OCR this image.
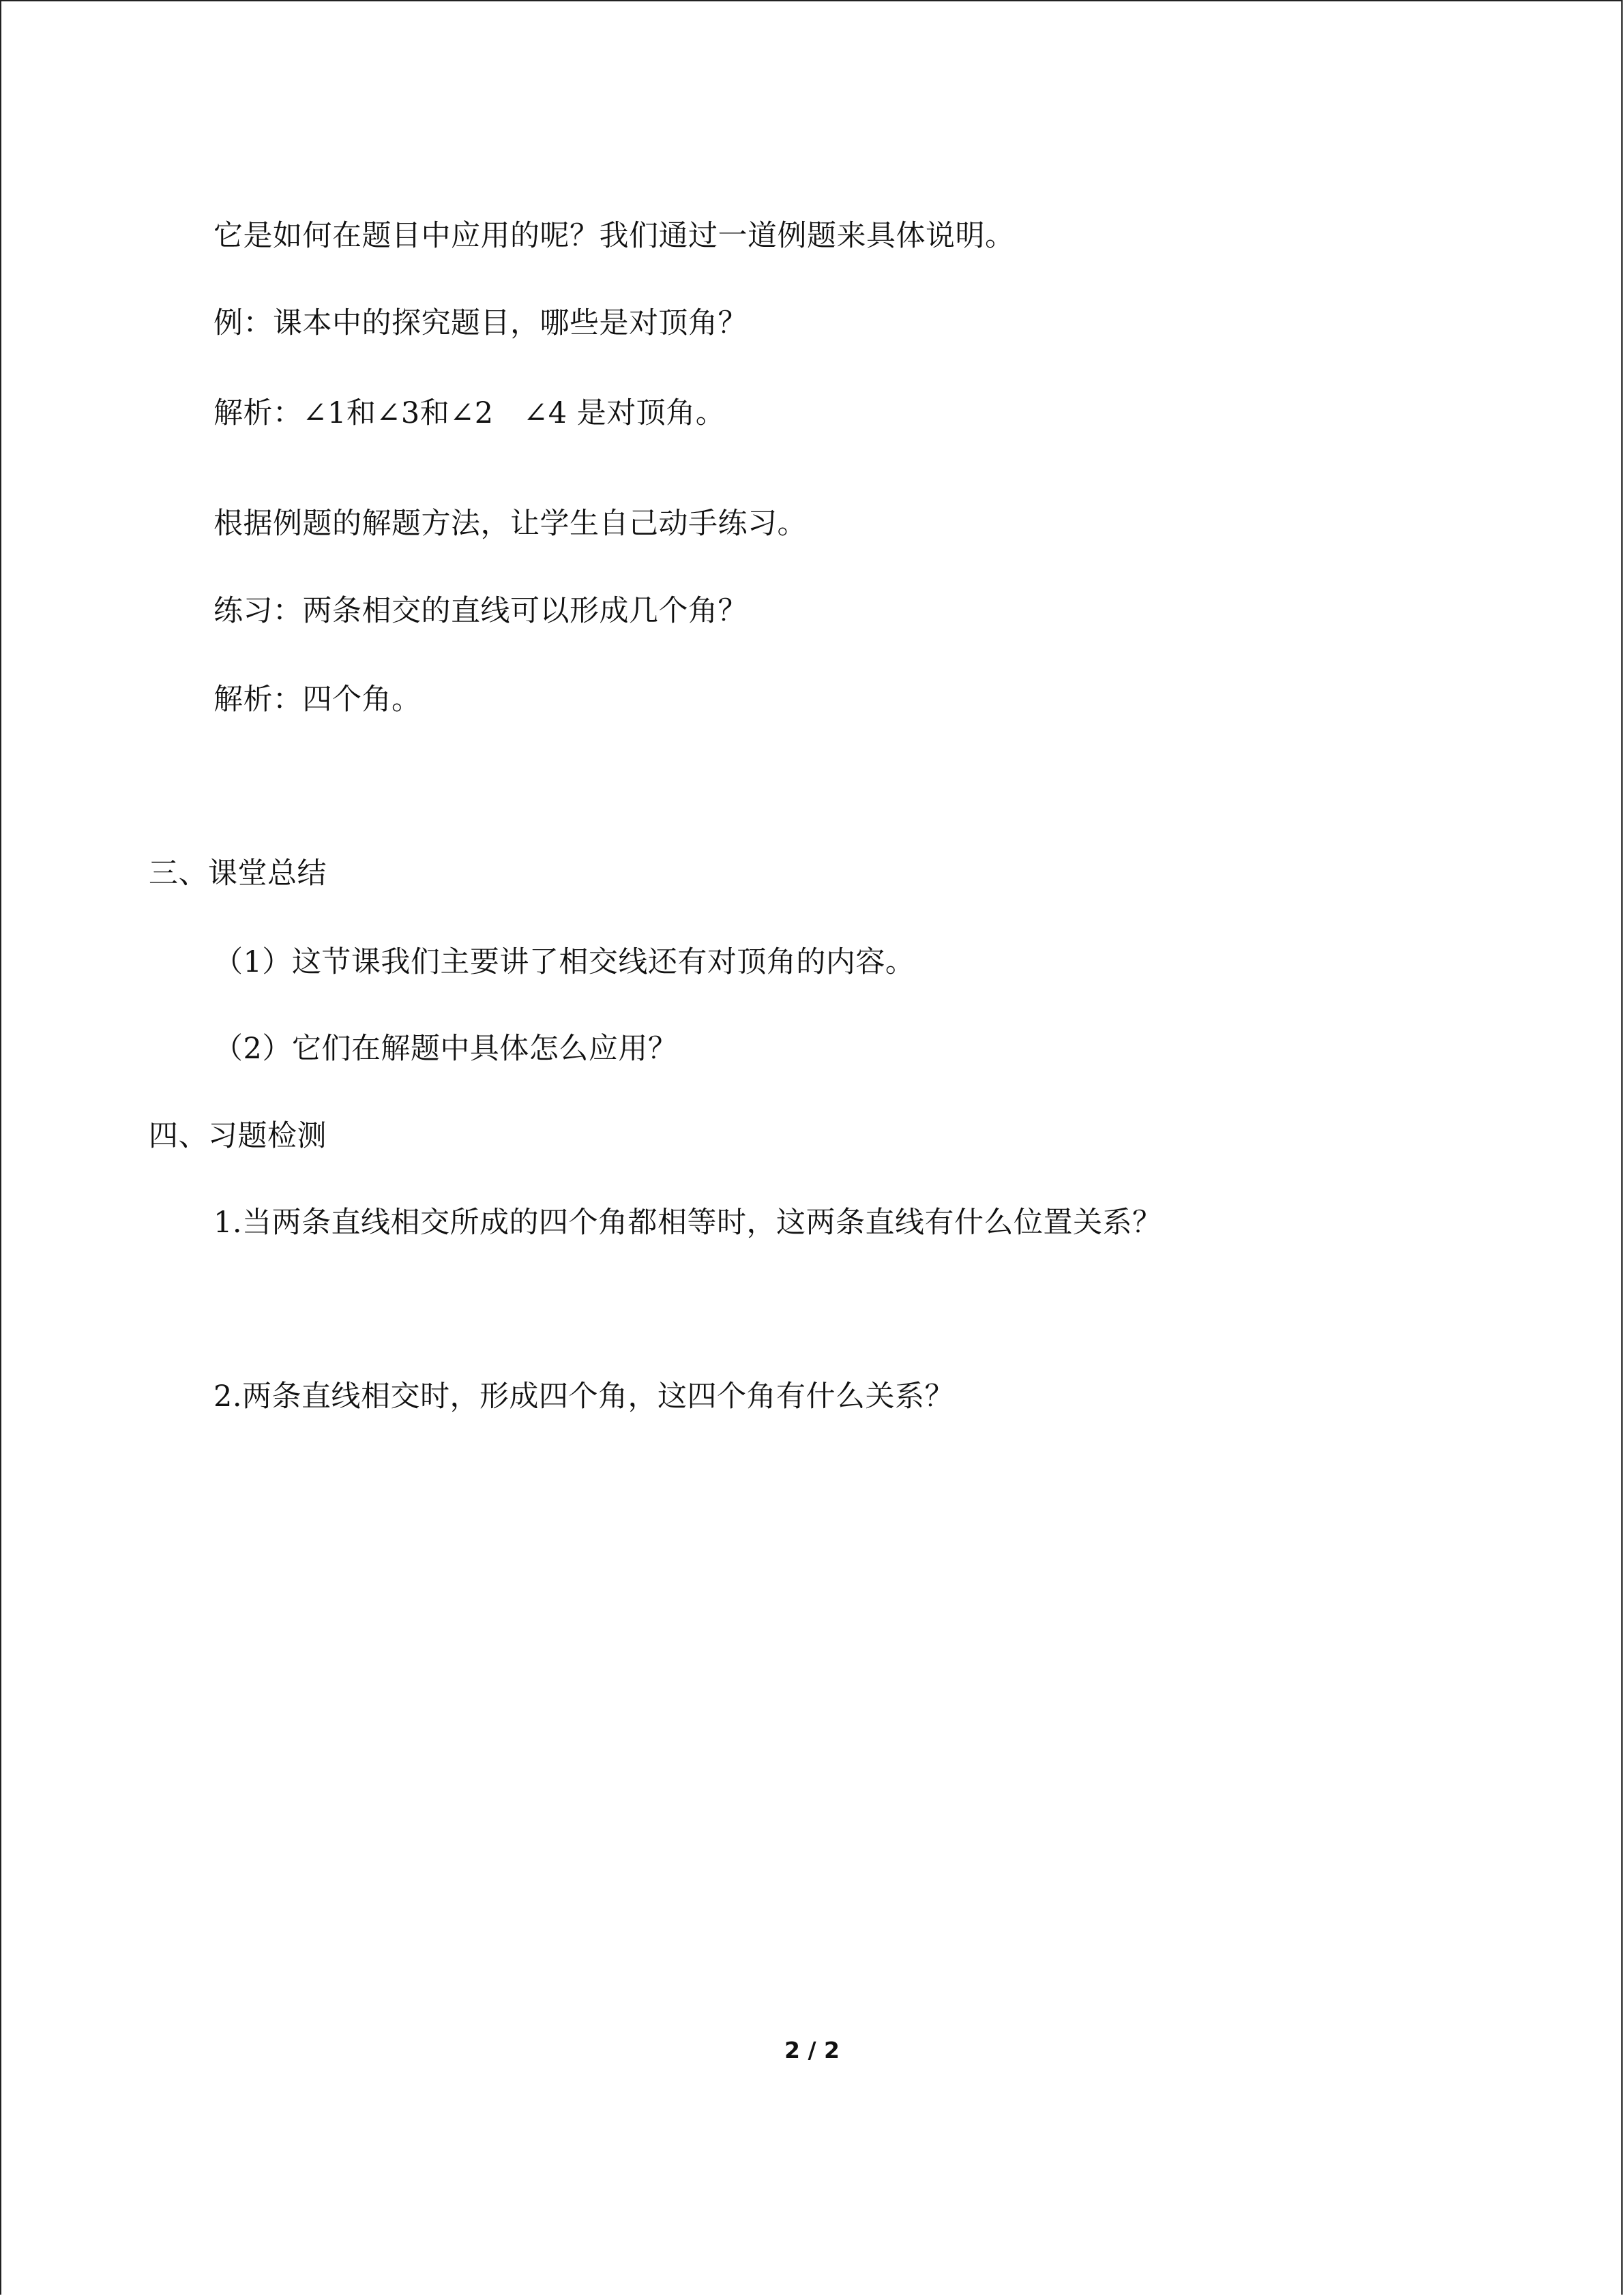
它是如何在题目中应用的呢？我们通过一道例题来具体说明。
例：课本中的探究题目，哪些是对顶角？
解析：∠1和∠3和∠2　∠4 是对顶角。
根据例题的解题方法，让学生自己动手练习。
练习：两条相交的直线可以形成几个角？
解析：四个角。
三、课堂总结
（1）这节课我们主要讲了相交线还有对顶角的内容。
（2）它们在解题中具体怎么应用？
四、习题检测
1.当两条直线相交所成的四个角都相等时，这两条直线有什么位置关系？
2.两条直线相交时，形成四个角，这四个角有什么关系？
2 / 2
